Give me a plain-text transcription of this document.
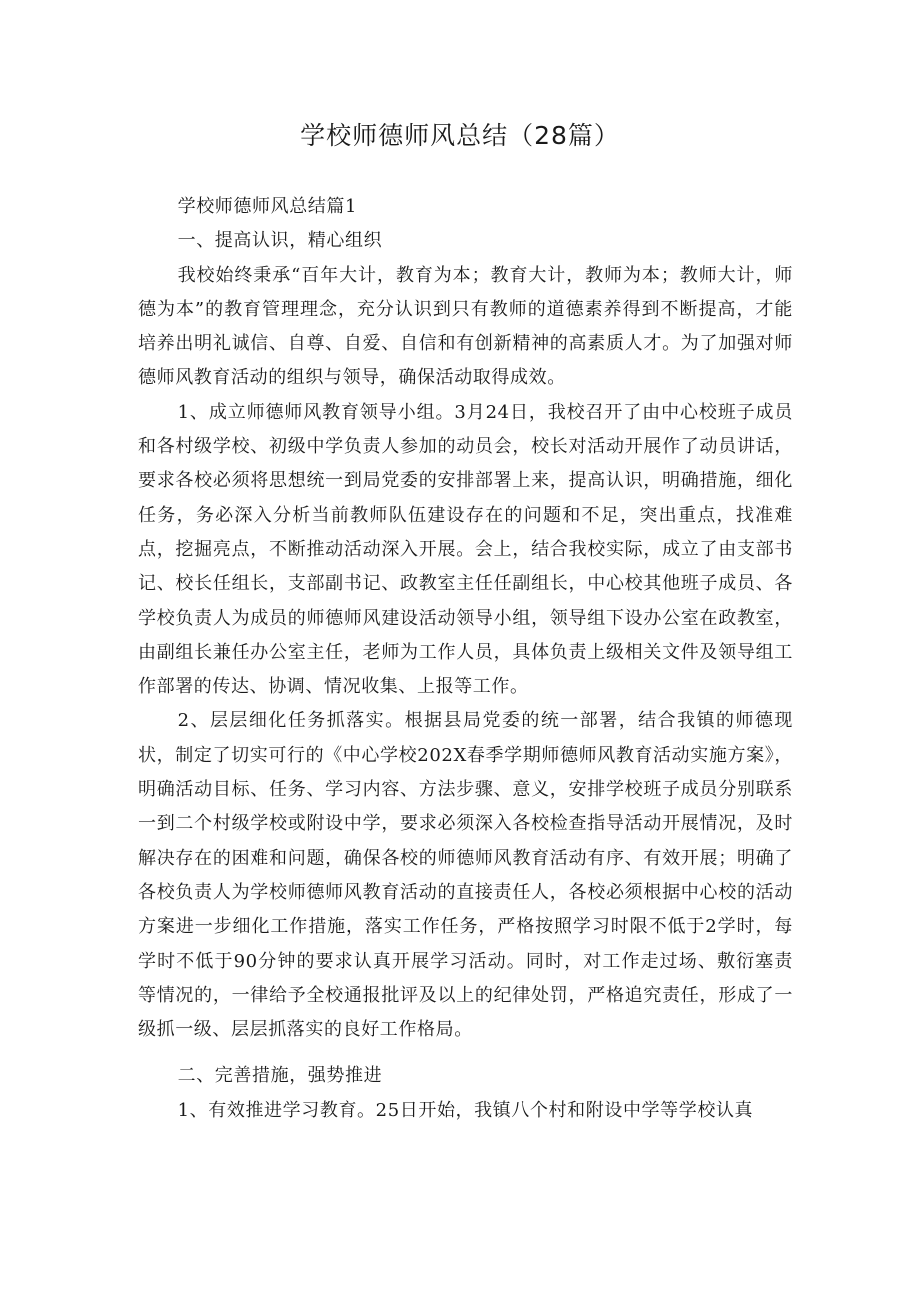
学校师德师风总结（28篇）

学校师德师风总结篇1

一、提高认识，精心组织

我校始终秉承“百年大计，教育为本；教育大计，教师为本；教师大计，师德为本”的教育管理理念，充分认识到只有教师的道德素养得到不断提高，才能培养出明礼诚信、自尊、自爱、自信和有创新精神的高素质人才。为了加强对师德师风教育活动的组织与领导，确保活动取得成效。

1、成立师德师风教育领导小组。3月24日，我校召开了由中心校班子成员和各村级学校、初级中学负责人参加的动员会，校长对活动开展作了动员讲话，要求各校必须将思想统一到局党委的安排部署上来，提高认识，明确措施，细化任务，务必深入分析当前教师队伍建设存在的问题和不足，突出重点，找准难点，挖掘亮点，不断推动活动深入开展。会上，结合我校实际，成立了由支部书记、校长任组长，支部副书记、政教室主任任副组长，中心校其他班子成员、各学校负责人为成员的师德师风建设活动领导小组，领导组下设办公室在政教室，由副组长兼任办公室主任，老师为工作人员，具体负责上级相关文件及领导组工作部署的传达、协调、情况收集、上报等工作。

2、层层细化任务抓落实。根据县局党委的统一部署，结合我镇的师德现状，制定了切实可行的《中心学校202X春季学期师德师风教育活动实施方案》，明确活动目标、任务、学习内容、方法步骤、意义，安排学校班子成员分别联系一到二个村级学校或附设中学，要求必须深入各校检查指导活动开展情况，及时解决存在的困难和问题，确保各校的师德师风教育活动有序、有效开展；明确了各校负责人为学校师德师风教育活动的直接责任人，各校必须根据中心校的活动方案进一步细化工作措施，落实工作任务，严格按照学习时限不低于2学时，每学时不低于90分钟的要求认真开展学习活动。同时，对工作走过场、敷衍塞责等情况的，一律给予全校通报批评及以上的纪律处罚，严格追究责任，形成了一级抓一级、层层抓落实的良好工作格局。

二、完善措施，强势推进

1、有效推进学习教育。25日开始，我镇八个村和附设中学等学校认真
